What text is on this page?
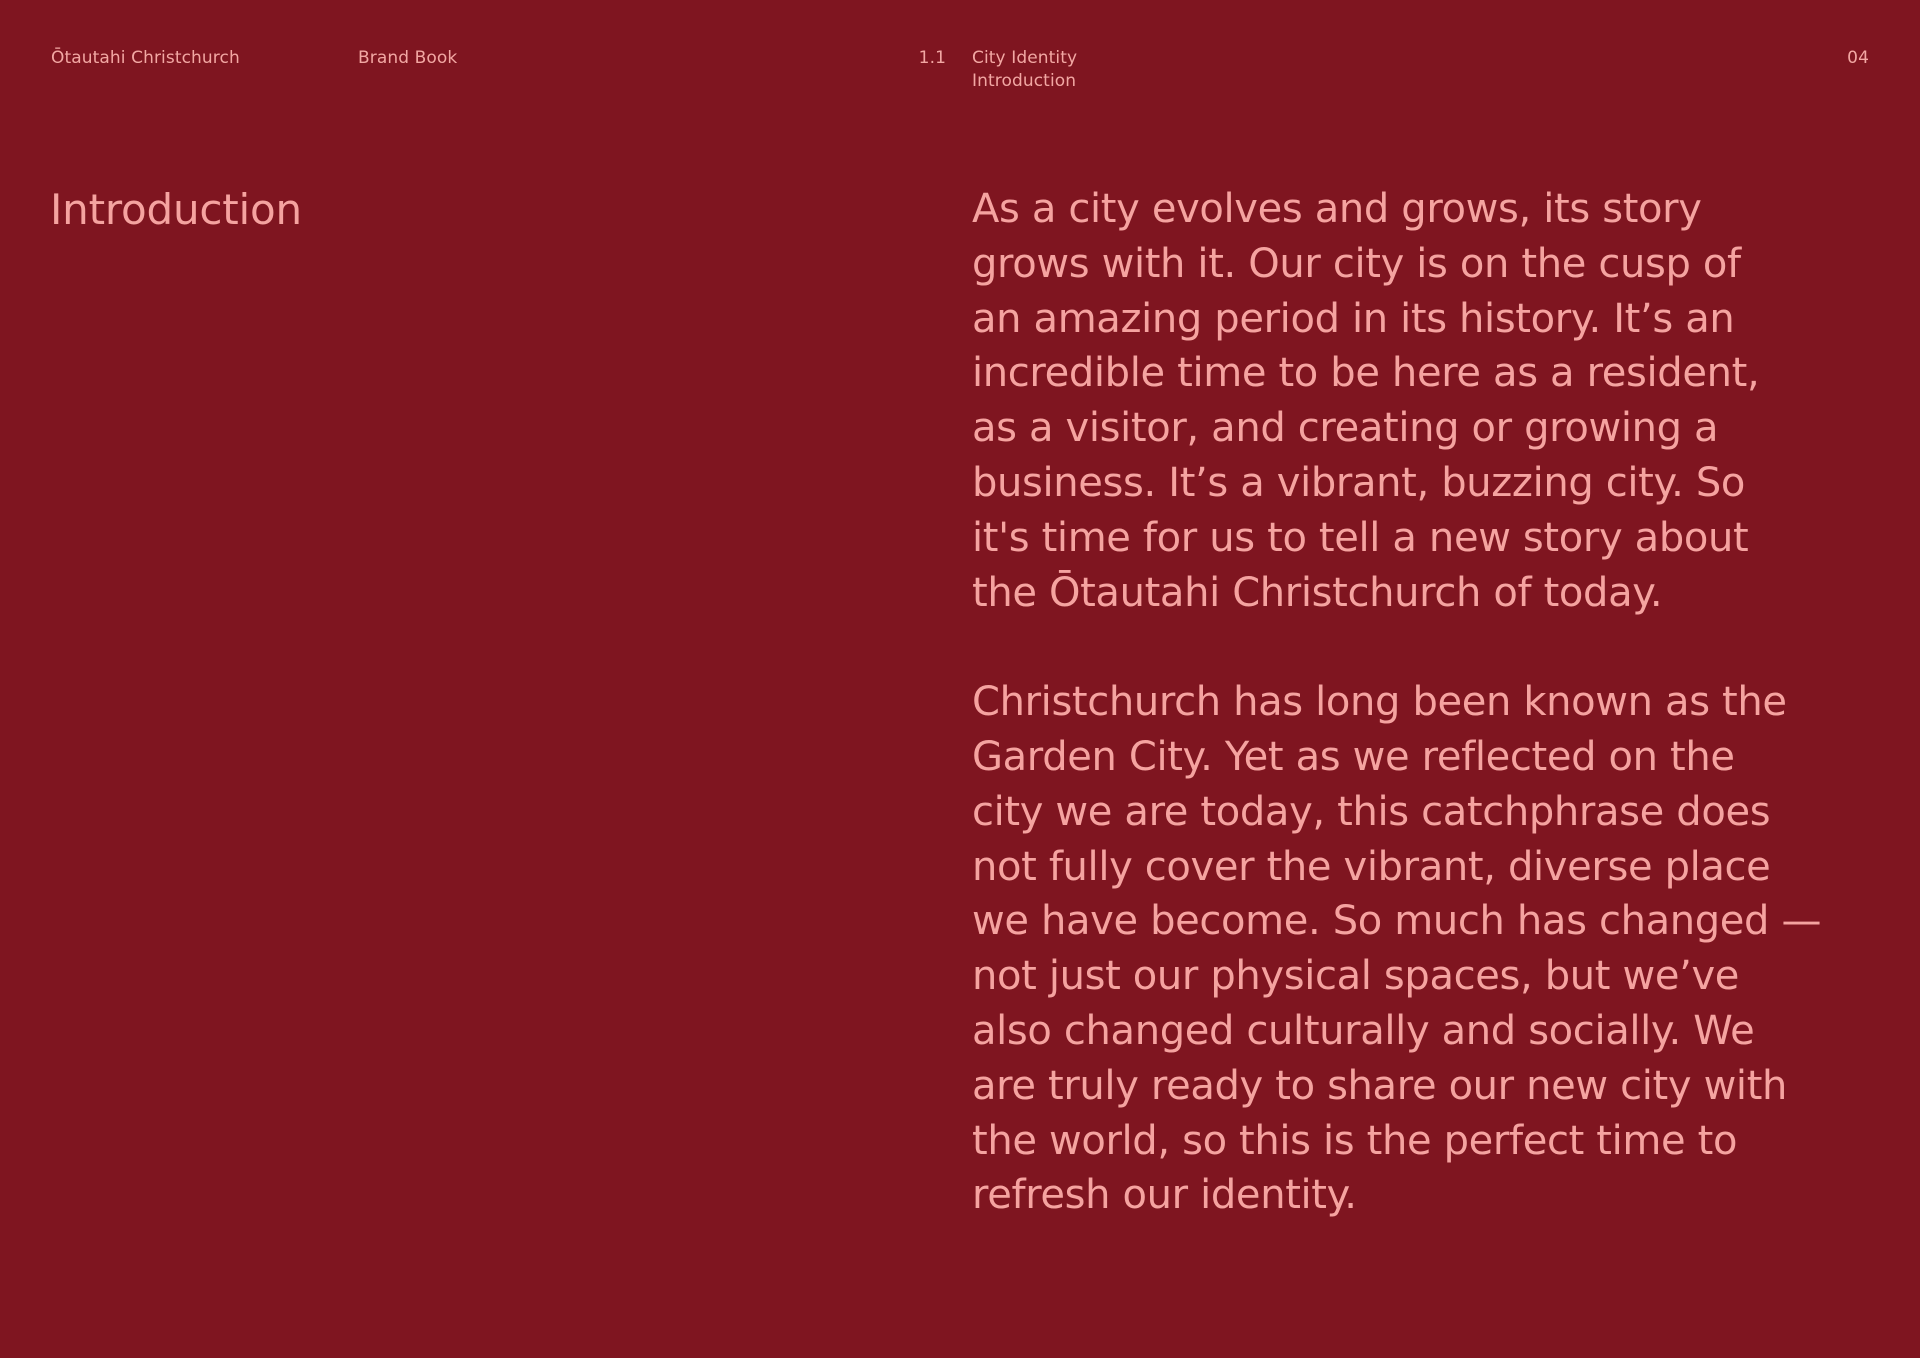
Ōtautahi Christchurch	Brand Book	1.1 City Identity
Introduction
04
Introduction	As a city evolves and grows, its story
grows with it. Our city is on the cusp of
an amazing period in its history. It’s an
incredible time to be here as a resident,
as a visitor, and creating or growing a
business. It’s a vibrant, buzzing city. So
it's time for us to tell a new story about
the Ōtautahi Christchurch of today.

Christchurch has long been known as the
Garden City. Yet as we reflected on the
city we are today, this catchphrase does
not fully cover the vibrant, diverse place
we have become. So much has changed —
not just our physical spaces, but we’ve
also changed culturally and socially. We
are truly ready to share our new city with
the world, so this is the perfect time to
refresh our identity.
